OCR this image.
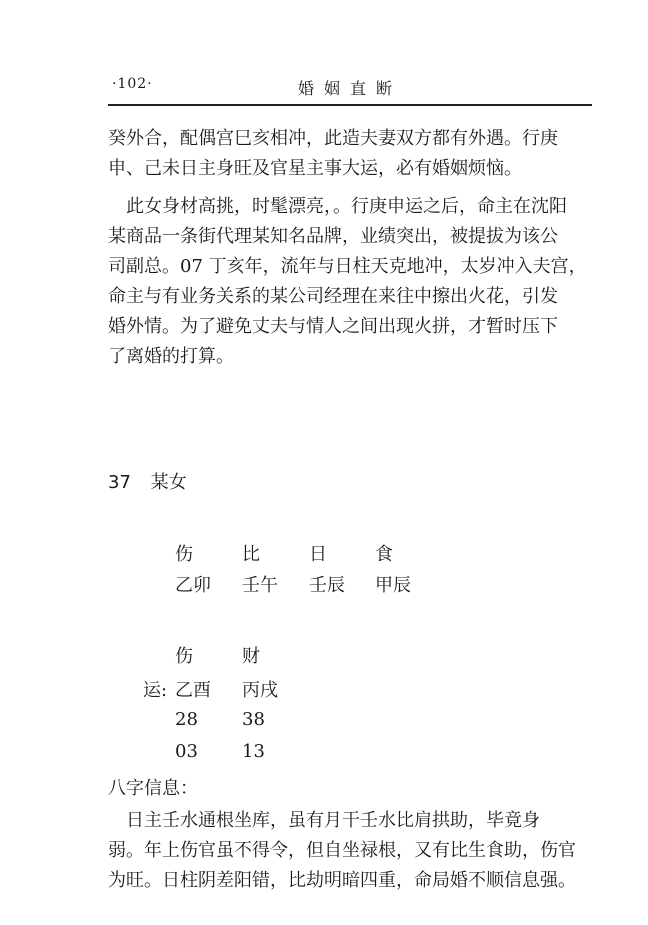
·102·	婚姻直断
癸外合，配偶宫巳亥相冲，此造夫妻双方都有外遇。行庚
申、己未日主身旺及官星主事大运，必有婚姻烦恼。
　此女身材高挑，时髦漂亮，。行庚申运之后，命主在沈阳
某商品一条街代理某知名品牌，业绩突出，被提拔为该公
司副总。07 丁亥年，流年与日柱天克地冲，太岁冲入夫宫，
命主与有业务关系的某公司经理在来往中擦出火花，引发
婚外情。为了避免丈夫与情人之间出现火拼，才暂时压下
了离婚的打算。
37 某女
伤	比	日	食
乙卯 壬午 壬辰 甲辰
伤	财
运: 乙酉 丙戌
28 38
03 13
八字信息：
　日主壬水通根坐库，虽有月干壬水比肩拱助，毕竟身
弱。年上伤官虽不得令，但自坐禄根，又有比生食助，伤官
为旺。日柱阴差阳错，比劫明暗四重，命局婚不顺信息强。
